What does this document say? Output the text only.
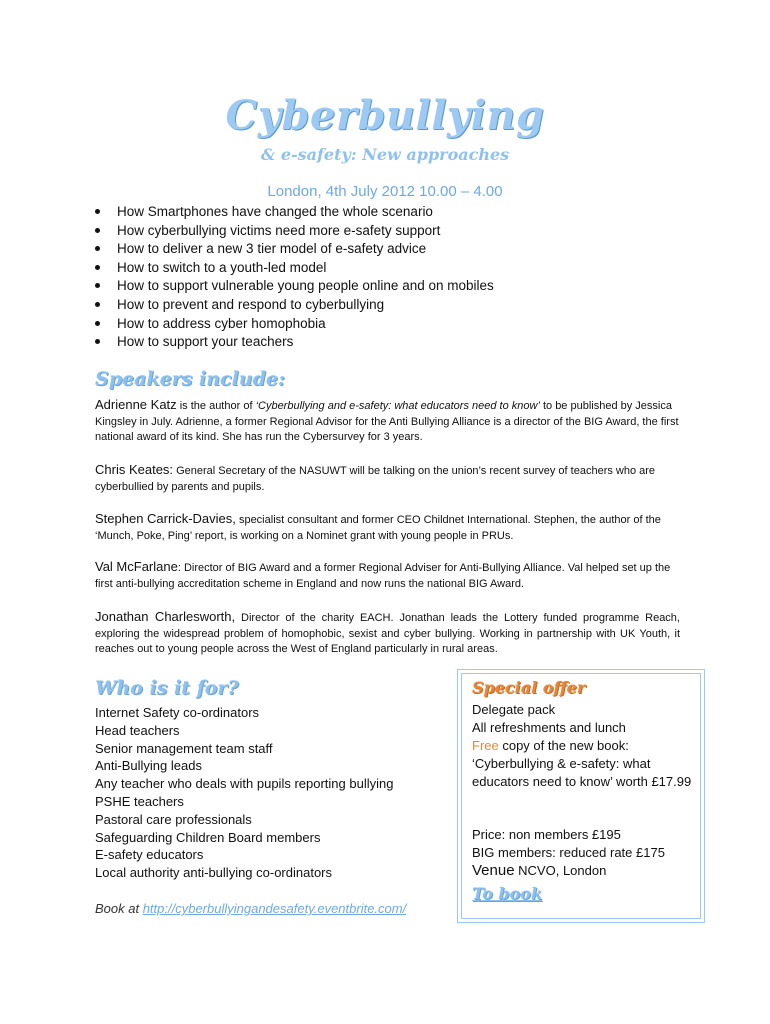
Cyberbullying
& e-safety: New approaches
London, 4th July 2012 10.00 – 4.00
How Smartphones have changed the whole scenario
How cyberbullying victims need more e-safety support
How to deliver a new 3 tier model of e-safety advice
How to switch to a youth-led model
How to support vulnerable young people online and on mobiles
How to prevent and respond to cyberbullying
How to address cyber homophobia
How to support your teachers
Speakers include:
Adrienne Katz is the author of ‘Cyberbullying and e-safety: what educators need to know’ to be published by Jessica Kingsley in July. Adrienne, a former Regional Advisor for the Anti Bullying Alliance is a director of the BIG Award, the first national award of its kind. She has run the Cybersurvey for 3 years.
Chris Keates: General Secretary of the NASUWT will be talking on the union’s recent survey of teachers who are cyberbullied by parents and pupils.
Stephen Carrick-Davies, specialist consultant and former CEO Childnet International. Stephen, the author of the ‘Munch, Poke, Ping’ report, is working on a Nominet grant with young people in PRUs.
Val McFarlane: Director of BIG Award and a former Regional Adviser for Anti-Bullying Alliance. Val helped set up the first anti-bullying accreditation scheme in England and now runs the national BIG Award.
Jonathan Charlesworth, Director of the charity EACH. Jonathan leads the Lottery funded programme Reach, exploring the widespread problem of homophobic, sexist and cyber bullying. Working in partnership with UK Youth, it reaches out to young people across the West of England particularly in rural areas.
Who is it for?
Internet Safety co-ordinators
Head teachers
Senior management team staff
Anti-Bullying leads
Any teacher who deals with pupils reporting bullying
PSHE teachers
Pastoral care professionals
Safeguarding Children Board members
E-safety educators
Local authority anti-bullying co-ordinators
Book at http://cyberbullyingandesafety.eventbrite.com/
Special offer
Delegate pack
All refreshments and lunch
Free copy of the new book: ‘Cyberbullying & e-safety: what educators need to know’ worth £17.99
Price: non members £195
BIG members: reduced rate £175
Venue NCVO, London
To book
